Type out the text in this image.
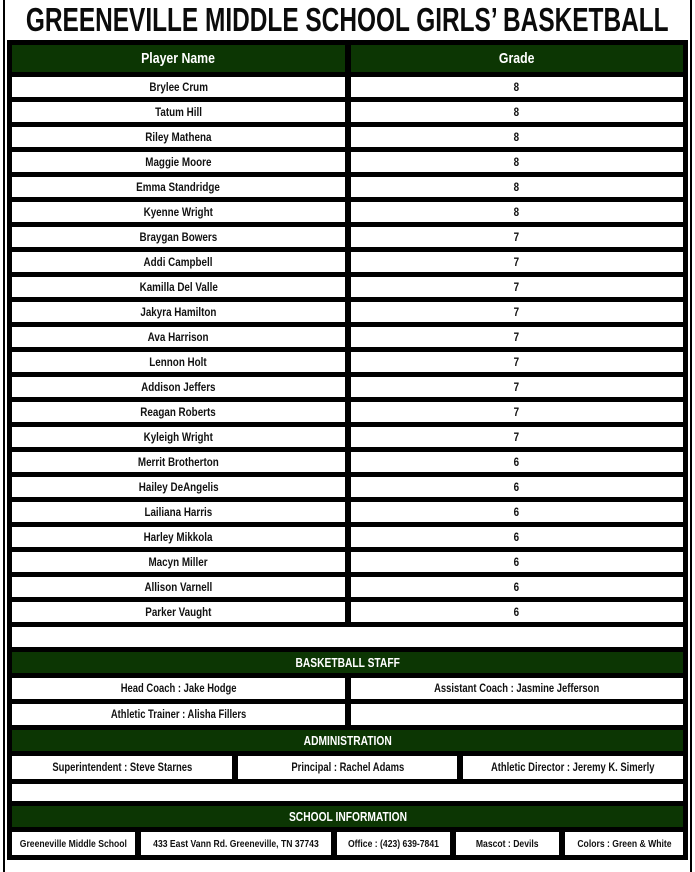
GREENEVILLE MIDDLE SCHOOL GIRLS’ BASKETBALL
Player Name	Grade
Brylee Crum	8
Tatum Hill	8
Riley Mathena	8
Maggie Moore	8
Emma Standridge	8
Kyenne Wright	8
Braygan Bowers	7
Addi Campbell	7
Kamilla Del Valle	7
Jakyra Hamilton	7
Ava Harrison	7
Lennon Holt	7
Addison Jeffers	7
Reagan Roberts	7
Kyleigh Wright	7
Merrit Brotherton	6
Hailey DeAngelis	6
Lailiana Harris	6
Harley Mikkola	6
Macyn Miller	6
Allison Varnell	6
Parker Vaught	6
BASKETBALL STAFF
Head Coach : Jake Hodge	Assistant Coach : Jasmine Jefferson
Athletic Trainer : Alisha Fillers
ADMINISTRATION
Superintendent : Steve Starnes	Principal : Rachel Adams	Athletic Director : Jeremy K. Simerly
SCHOOL INFORMATION
Greeneville Middle School	433 East Vann Rd. Greeneville, TN 37743	Office : (423) 639-7841	Mascot : Devils	Colors : Green & White
